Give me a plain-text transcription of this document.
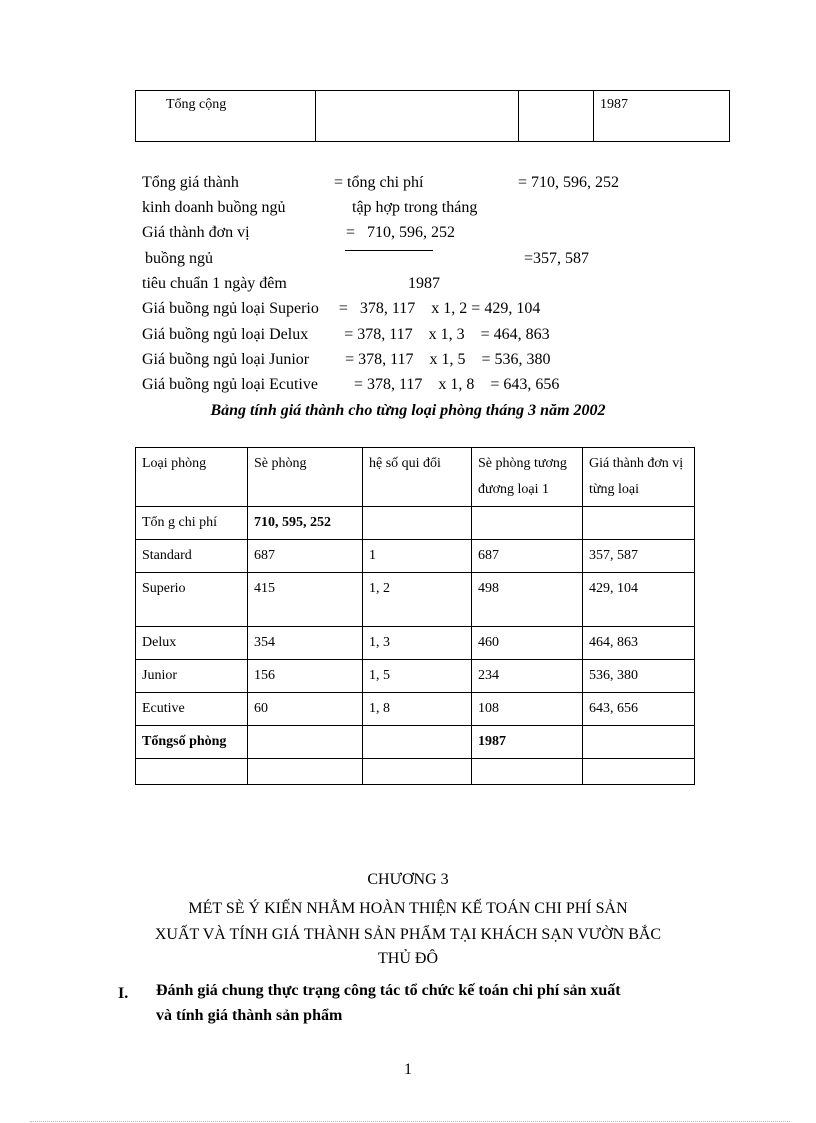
Tổng cộng			1987
Tổng giá thành	= tổng chi phí	= 710, 596, 252
kinh doanh buồng ngủ	tập hợp trong tháng
Giá thành đơn vị	=   710, 596, 252
buồng ngủ	=357, 587
tiêu chuẩn 1 ngày đêm	1987
Giá buồng ngủ loại Superio     =   378, 117    x 1, 2 = 429, 104
Giá buồng ngủ loại Delux         = 378, 117    x 1, 3    = 464, 863
Giá buồng ngủ loại Junior         = 378, 117    x 1, 5    = 536, 380
Giá buồng ngủ loại Ecutive         = 378, 117    x 1, 8    = 643, 656
Bảng tính giá thành cho từng loại phòng tháng 3 năm 2002
Loại phòng	Sè phòng	hệ số qui đổi	Sè phòng tương đương loại 1	Giá thành đơn vị từng loại
Tổn g chi phí	710, 595, 252			
Standard	687	1	687	357, 587
Superio	415	1, 2	498	429, 104
Delux	354	1, 3	460	464, 863
Junior	156	1, 5	234	536, 380
Ecutive	60	1, 8	108	643, 656
Tổngsố phòng			1987	

CHƯƠNG 3
MÉT SÈ Ý KIẾN NHẰM HOÀN THIỆN KẾ TOÁN CHI PHÍ SẢN
XUẤT VÀ TÍNH GIÁ THÀNH SẢN PHẨM TẠI KHÁCH SẠN VƯỜN BẮC
THỦ ĐÔ
I. Đánh giá chung thực trạng công tác tổ chức kế toán chi phí sản xuất
và tính giá thành sản phẩm
1
